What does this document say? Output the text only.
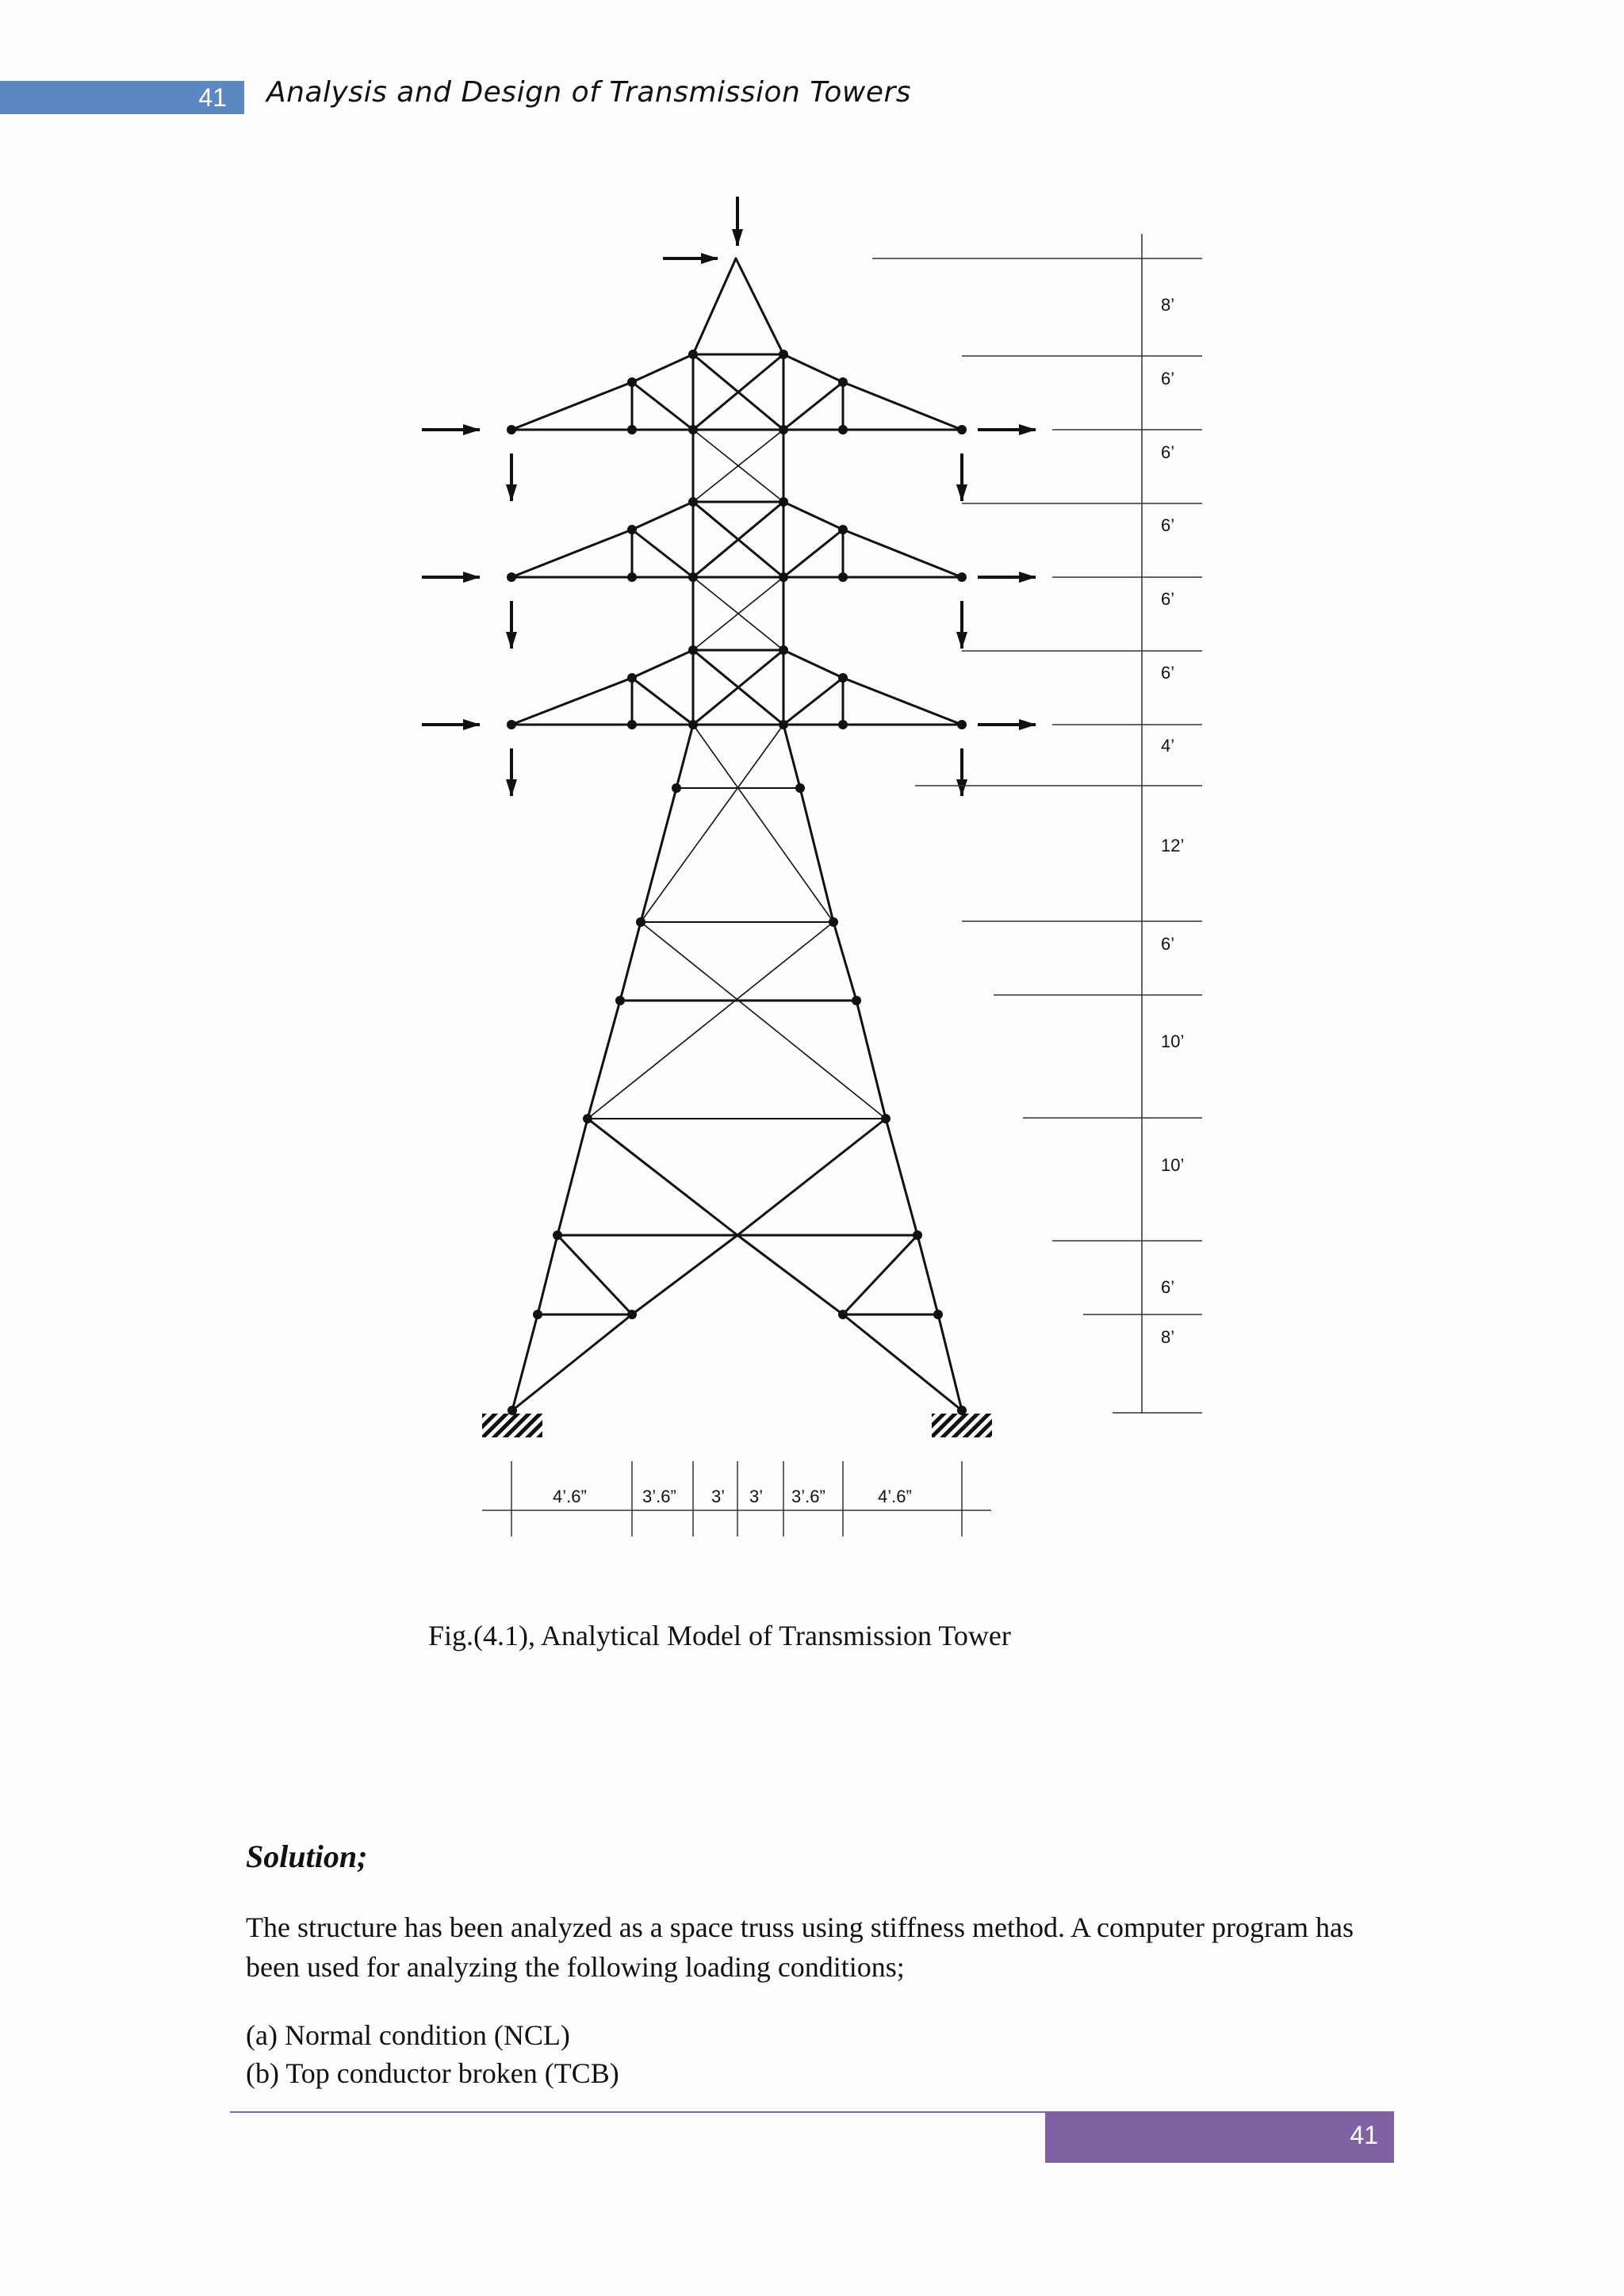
41	Analysis and Design of Transmission Towers
8’
6’
6’
6’
6’
6’
4’
12’
6’
10’
10’
6’
8’
4’.6”	3’.6” 3’ 3’ 3’.6”	4’.6”
Fig.(4.1), Analytical Model of Transmission Tower
Solution;
The structure has been analyzed as a space truss using stiffness method. A computer program has been used for analyzing the following loading conditions;
(a) Normal condition (NCL)
(b) Top conductor broken (TCB)
41
